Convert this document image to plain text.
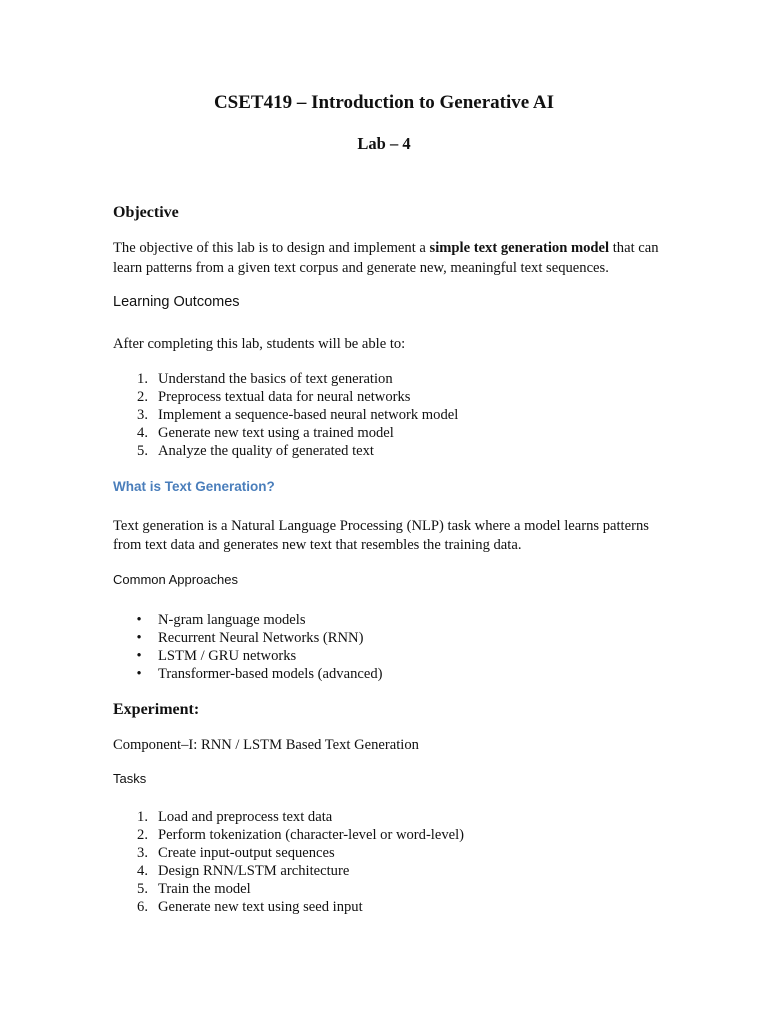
CSET419 – Introduction to Generative AI
Lab – 4
Objective

The objective of this lab is to design and implement a simple text generation model that can learn patterns from a given text corpus and generate new, meaningful text sequences.

Learning Outcomes

After completing this lab, students will be able to:

1. Understand the basics of text generation
2. Preprocess textual data for neural networks
3. Implement a sequence-based neural network model
4. Generate new text using a trained model
5. Analyze the quality of generated text
What is Text Generation?

Text generation is a Natural Language Processing (NLP) task where a model learns patterns from text data and generates new text that resembles the training data.

Common Approaches
•	N-gram language models
•	Recurrent Neural Networks (RNN)
•	LSTM / GRU networks
•	Transformer-based models (advanced)
Experiment:

Component–I: RNN / LSTM Based Text Generation

Tasks
1. Load and preprocess text data
2. Perform tokenization (character-level or word-level)
3. Create input-output sequences
4. Design RNN/LSTM architecture
5. Train the model
6. Generate new text using seed input
